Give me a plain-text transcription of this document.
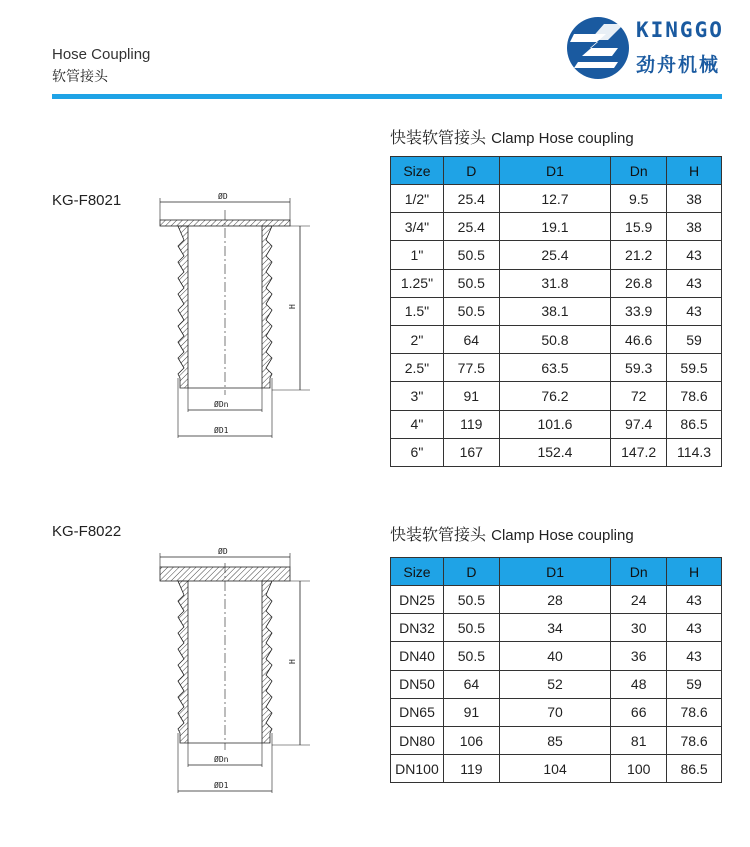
Hose Coupling
软管接头
KINGGO
劲舟机械
KG-F8021
快装软管接头 Clamp Hose coupling
ØD
H
ØDn
ØD1
Size	D	D1	Dn	H
1/2"	25.4	12.7	9.5	38
3/4"	25.4	19.1	15.9	38
1"	50.5	25.4	21.2	43
1.25"	50.5	31.8	26.8	43
1.5"	50.5	38.1	33.9	43
2"	64	50.8	46.6	59
2.5"	77.5	63.5	59.3	59.5
3"	91	76.2	72	78.6
4"	119	101.6	97.4	86.5
6"	167	152.4	147.2	114.3
KG-F8022	快装软管接头 Clamp Hose coupling
ØD
H
ØDn
ØD1
Size	D	D1	Dn	H
DN25	50.5	28	24	43
DN32	50.5	34	30	43
DN40	50.5	40	36	43
DN50	64	52	48	59
DN65	91	70	66	78.6
DN80	106	85	81	78.6
DN100	119	104	100	86.5
